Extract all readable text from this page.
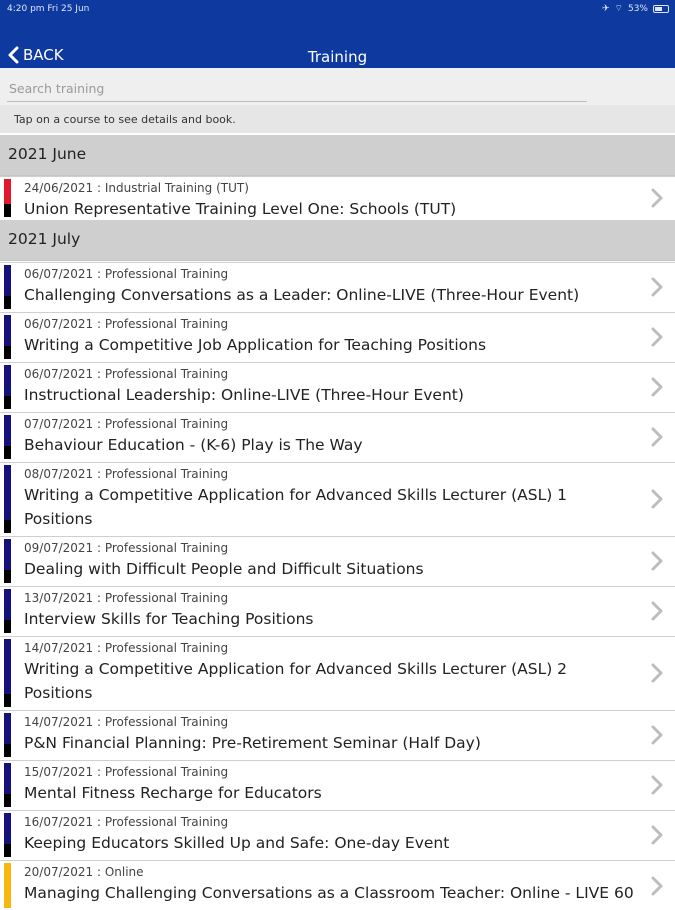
4:20 pm Fri 25 Jun	✈ ⌔ 53%
BACK	Training
Search training
Tap on a course to see details and book.
2021 June
24/06/2021 : Industrial Training (TUT)
Union Representative Training Level One: Schools (TUT)
2021 July
06/07/2021 : Professional Training
Challenging Conversations as a Leader: Online-LIVE (Three-Hour Event)
06/07/2021 : Professional Training
Writing a Competitive Job Application for Teaching Positions
06/07/2021 : Professional Training
Instructional Leadership: Online-LIVE (Three-Hour Event)
07/07/2021 : Professional Training
Behaviour Education - (K-6) Play is The Way
08/07/2021 : Professional Training
Writing a Competitive Application for Advanced Skills Lecturer (ASL) 1 Positions
09/07/2021 : Professional Training
Dealing with Difficult People and Difficult Situations
13/07/2021 : Professional Training
Interview Skills for Teaching Positions
14/07/2021 : Professional Training
Writing a Competitive Application for Advanced Skills Lecturer (ASL) 2 Positions
14/07/2021 : Professional Training
P&N Financial Planning: Pre-Retirement Seminar (Half Day)
15/07/2021 : Professional Training
Mental Fitness Recharge for Educators
16/07/2021 : Professional Training
Keeping Educators Skilled Up and Safe: One-day Event
20/07/2021 : Online
Managing Challenging Conversations as a Classroom Teacher: Online - LIVE 60
